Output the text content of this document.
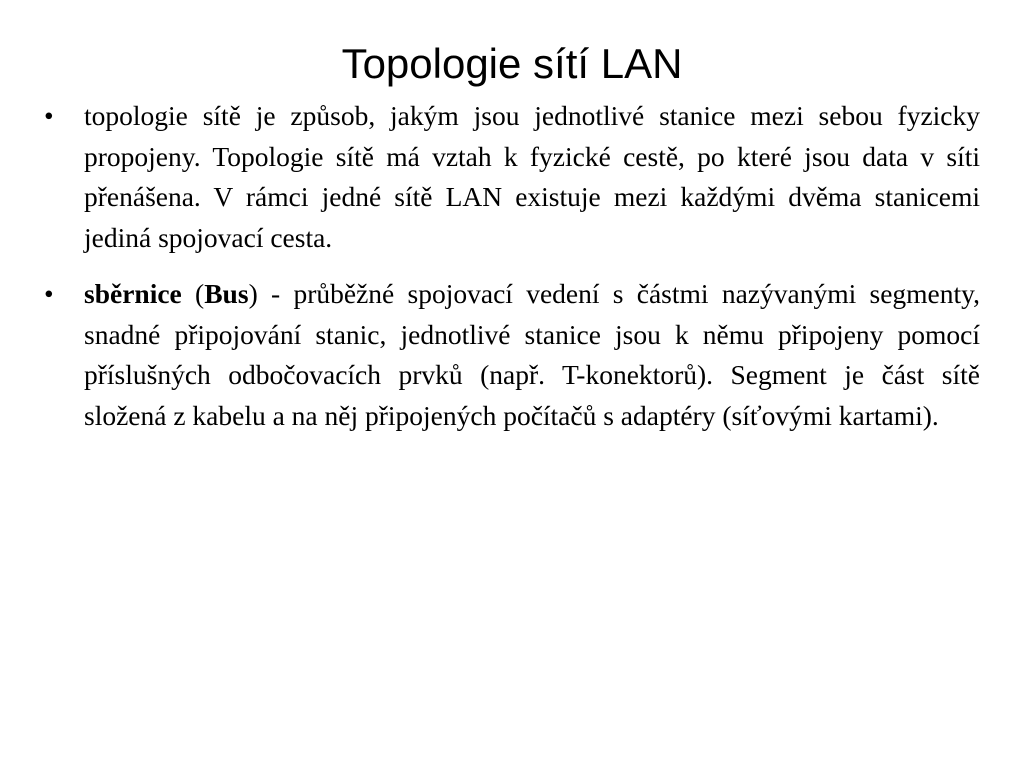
Topologie sítí LAN
•	topologie sítě je způsob, jakým jsou jednotlivé stanice mezi sebou fyzicky propojeny. Topologie sítě má vztah k fyzické cestě, po které jsou data v síti přenášena. V rámci jedné sítě LAN existuje mezi každými dvěma stanicemi jediná spojovací cesta.
•	sběrnice (Bus) - průběžné spojovací vedení s částmi nazývanými segmenty, snadné připojování stanic, jednotlivé stanice jsou k němu připojeny pomocí příslušných odbočovacích prvků (např. T-konektorů). Segment je část sítě složená z kabelu a na něj připojených počítačů s adaptéry (síťovými kartami).
